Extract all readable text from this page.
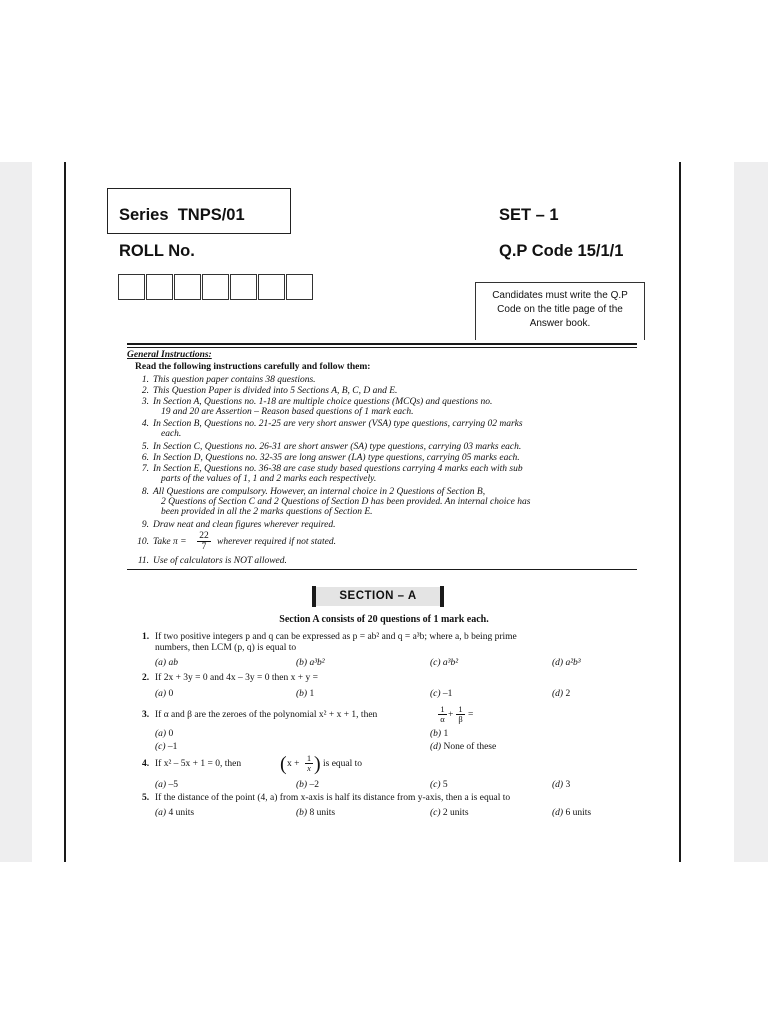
Series  TNPS/01	SET – 1
ROLL No.	Q.P Code 15/1/1
Candidates must write the Q.P
Code on the title page of the
Answer book.
General Instructions:
Read the following instructions carefully and follow them:
1. This question paper contains 38 questions.
2. This Question Paper is divided into 5 Sections A, B, C, D and E.
3. In Section A, Questions no. 1-18 are multiple choice questions (MCQs) and questions no.
19 and 20 are Assertion – Reason based questions of 1 mark each.
4. In Section B, Questions no. 21-25 are very short answer (VSA) type questions, carrying 02 marks
each.
5. In Section C, Questions no. 26-31 are short answer (SA) type questions, carrying 03 marks each.
6. In Section D, Questions no. 32-35 are long answer (LA) type questions, carrying 05 marks each.
7. In Section E, Questions no. 36-38 are case study based questions carrying 4 marks each with sub
parts of the values of 1, 1 and 2 marks each respectively.
8. All Questions are compulsory. However, an internal choice in 2 Questions of Section B,
2 Questions of Section C and 2 Questions of Section D has been provided. An internal choice has
been provided in all the 2 marks questions of Section E.
9. Draw neat and clean figures wherever required.
10. Take $\pi = \frac{22}{7}$ wherever required if not stated.
11. Use of calculators is NOT allowed.
SECTION – A
Section A consists of 20 questions of 1 mark each.
1. If two positive integers p and q can be expressed as p = ab² and q = a³b; where a, b being prime
numbers, then LCM (p, q) is equal to
(a) ab	(b) a³b²	(c) a³b²	(d) a²b³
2. If 2x + 3y = 0 and 4x – 3y = 0 then x + y =
(a) 0	(b) 1	(c) –1	(d) 2
3. If α and β are the zeroes of the polynomial x² + x + 1, then	$\frac{1}{\alpha} + \frac{1}{\beta}$ =
(a) 0	(b) 1
(c) –1	(d) None of these
4. If x² – 5x + 1 = 0, then ( $x + \frac{1}{x}$ ) is equal to
(a) –5	(b) –2	(c) 5	(d) 3
5. If the distance of the point (4, a) from x-axis is half its distance from y-axis, then a is equal to
(a) 4 units	(b) 8 units	(c) 2 units	(d) 6 units
